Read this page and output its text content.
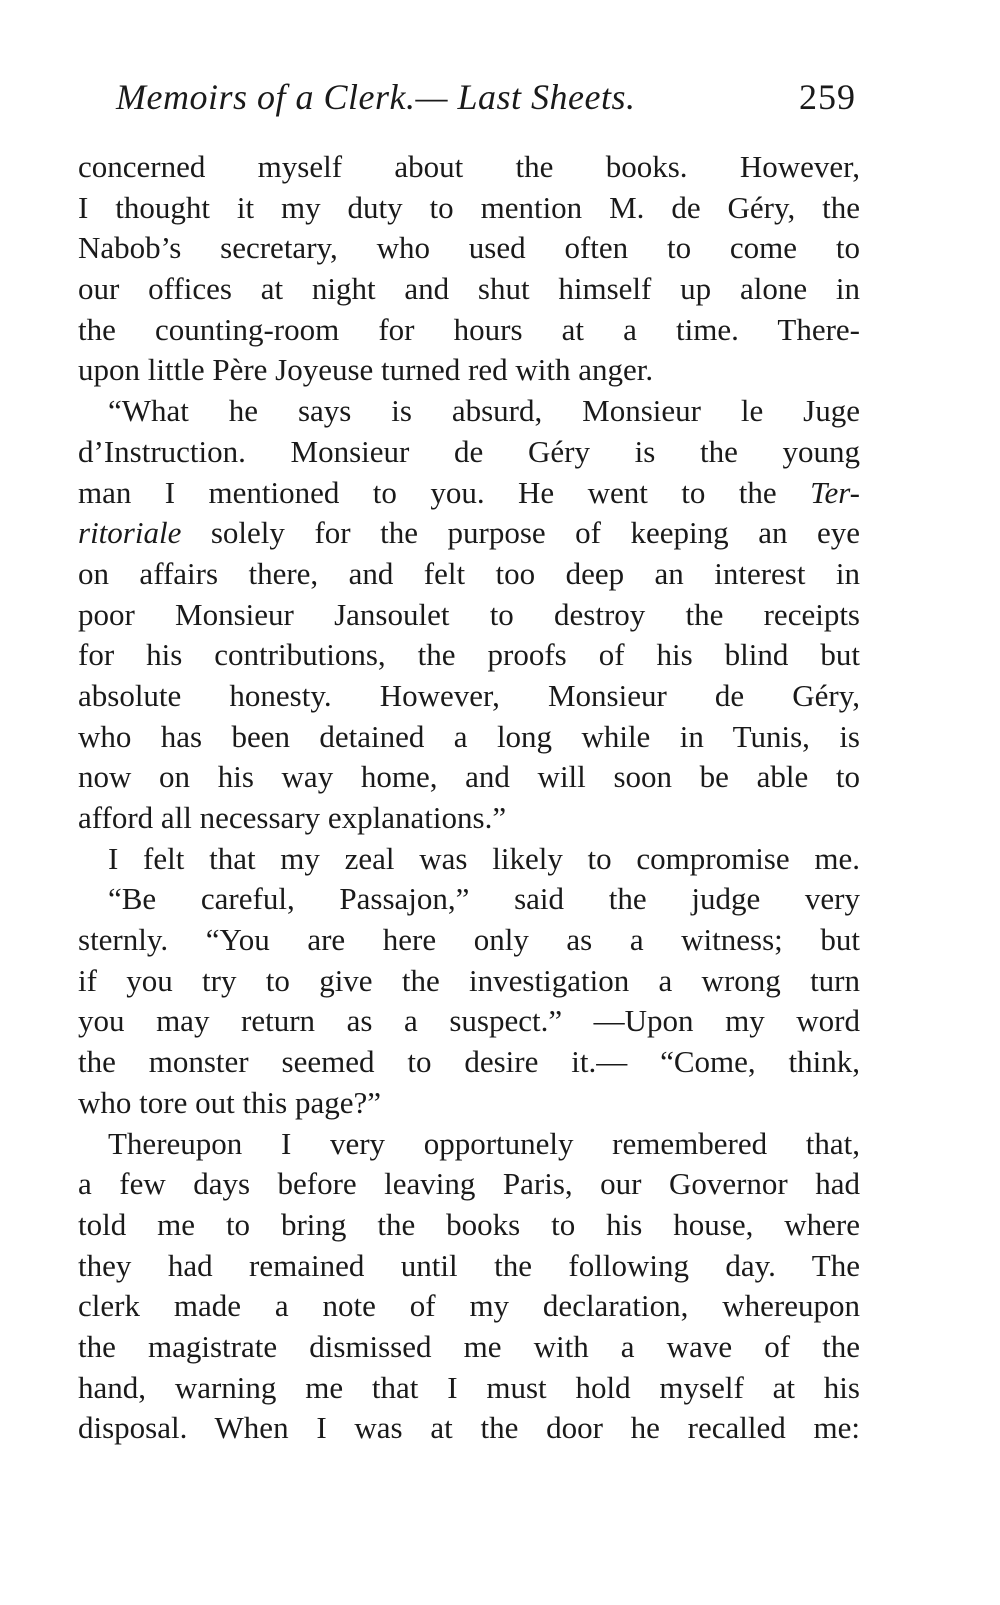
Memoirs of a Clerk.— Last Sheets.	259
concerned myself about the books. However,
I thought it my duty to mention M. de Géry, the
Nabob’s secretary, who used often to come to
our offices at night and shut himself up alone in
the counting-room for hours at a time. There-
upon little Père Joyeuse turned red with anger.
“What he says is absurd, Monsieur le Juge
d’Instruction. Monsieur de Géry is the young
man I mentioned to you. He went to the Ter-
ritoriale solely for the purpose of keeping an eye
on affairs there, and felt too deep an interest in
poor Monsieur Jansoulet to destroy the receipts
for his contributions, the proofs of his blind but
absolute honesty. However, Monsieur de Géry,
who has been detained a long while in Tunis, is
now on his way home, and will soon be able to
afford all necessary explanations.”
I felt that my zeal was likely to compromise me.
“Be careful, Passajon,” said the judge very
sternly. “You are here only as a witness; but
if you try to give the investigation a wrong turn
you may return as a suspect.” —Upon my word
the monster seemed to desire it.— “Come, think,
who tore out this page?”
Thereupon I very opportunely remembered that,
a few days before leaving Paris, our Governor had
told me to bring the books to his house, where
they had remained until the following day. The
clerk made a note of my declaration, whereupon
the magistrate dismissed me with a wave of the
hand, warning me that I must hold myself at his
disposal. When I was at the door he recalled me:
